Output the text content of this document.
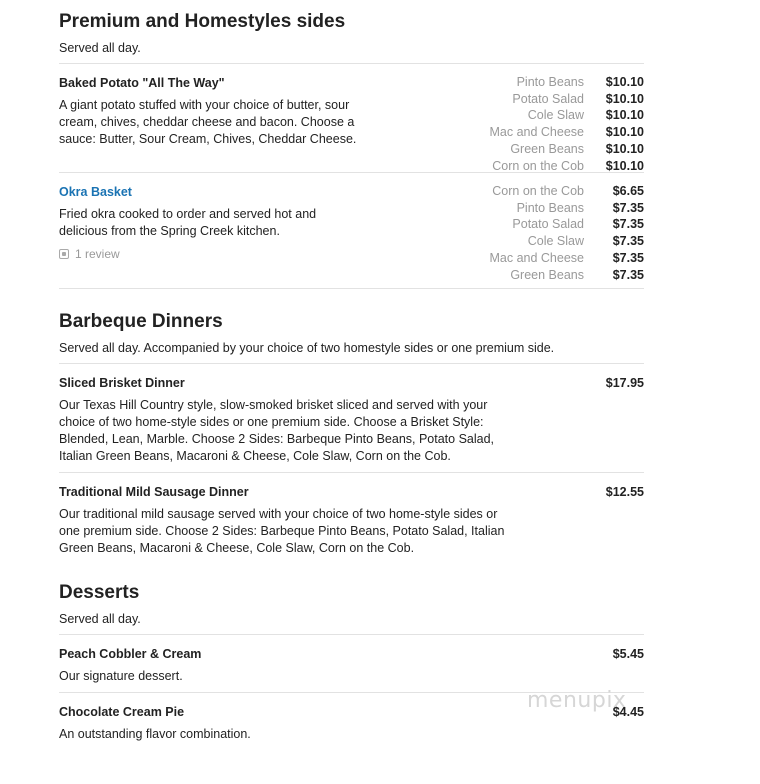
Premium and Homestyles sides
Served all day.
Baked Potato "All The Way"
A giant potato stuffed with your choice of butter, sour cream, chives, cheddar cheese and bacon. Choose a sauce: Butter, Sour Cream, Chives, Cheddar Cheese.
Pinto Beans	$10.10
Potato Salad	$10.10
Cole Slaw	$10.10
Mac and Cheese	$10.10
Green Beans	$10.10
Corn on the Cob	$10.10
Okra Basket
Fried okra cooked to order and served hot and delicious from the Spring Creek kitchen.
1 review
Corn on the Cob	$6.65
Pinto Beans	$7.35
Potato Salad	$7.35
Cole Slaw	$7.35
Mac and Cheese	$7.35
Green Beans	$7.35
Barbeque Dinners
Served all day. Accompanied by your choice of two homestyle sides or one premium side.
Sliced Brisket Dinner
Our Texas Hill Country style, slow-smoked brisket sliced and served with your choice of two home-style sides or one premium side. Choose a Brisket Style: Blended, Lean, Marble. Choose 2 Sides: Barbeque Pinto Beans, Potato Salad, Italian Green Beans, Macaroni & Cheese, Cole Slaw, Corn on the Cob.
$17.95
Traditional Mild Sausage Dinner
Our traditional mild sausage served with your choice of two home-style sides or one premium side. Choose 2 Sides: Barbeque Pinto Beans, Potato Salad, Italian Green Beans, Macaroni & Cheese, Cole Slaw, Corn on the Cob.
$12.55
Desserts
Served all day.
Peach Cobbler & Cream
Our signature dessert.
$5.45
Chocolate Cream Pie
An outstanding flavor combination.
$4.45
menupix
